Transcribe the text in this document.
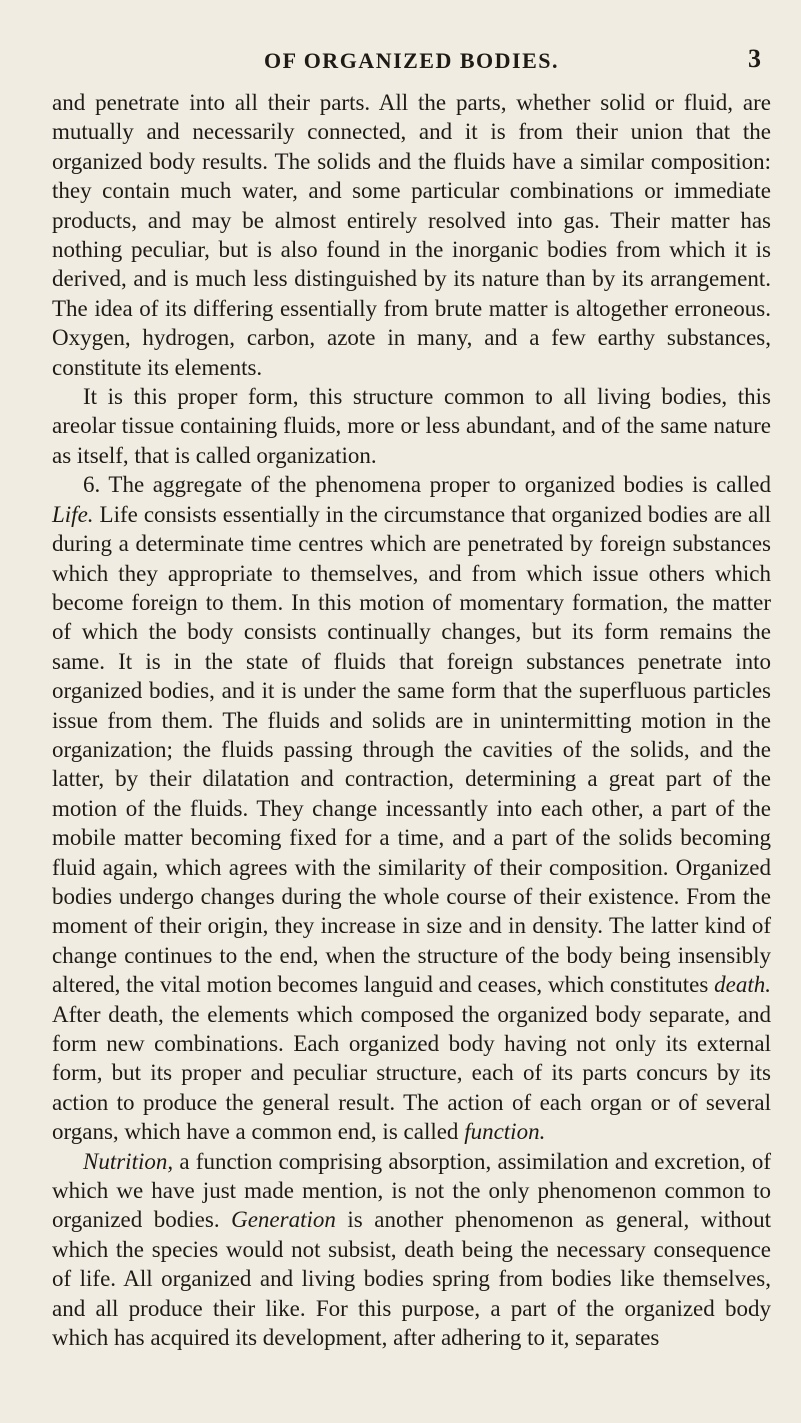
OF ORGANIZED BODIES.	3

and penetrate into all their parts. All the parts, whether solid or fluid, are mutually and necessarily connected, and it is from their union that the organized body results. The solids and the fluids have a similar composition: they contain much water, and some particular combinations or immediate products, and may be almost entirely resolved into gas. Their matter has nothing peculiar, but is also found in the inorganic bodies from which it is derived, and is much less distinguished by its nature than by its arrangement. The idea of its differing essentially from brute matter is altogether erroneous. Oxygen, hydrogen, carbon, azote in many, and a few earthy substances, constitute its elements.

It is this proper form, this structure common to all living bodies, this areolar tissue containing fluids, more or less abundant, and of the same nature as itself, that is called organization.

6. The aggregate of the phenomena proper to organized bodies is called Life. Life consists essentially in the circumstance that organized bodies are all during a determinate time centres which are penetrated by foreign substances which they appropriate to themselves, and from which issue others which become foreign to them. In this motion of momentary formation, the matter of which the body consists continually changes, but its form remains the same. It is in the state of fluids that foreign substances penetrate into organized bodies, and it is under the same form that the superfluous particles issue from them. The fluids and solids are in unintermitting motion in the organization; the fluids passing through the cavities of the solids, and the latter, by their dilatation and contraction, determining a great part of the motion of the fluids. They change incessantly into each other, a part of the mobile matter becoming fixed for a time, and a part of the solids becoming fluid again, which agrees with the similarity of their composition. Organized bodies undergo changes during the whole course of their existence. From the moment of their origin, they increase in size and in density. The latter kind of change continues to the end, when the structure of the body being insensibly altered, the vital motion becomes languid and ceases, which constitutes death. After death, the elements which composed the organized body separate, and form new combinations. Each organized body having not only its external form, but its proper and peculiar structure, each of its parts concurs by its action to produce the general result. The action of each organ or of several organs, which have a common end, is called function.

Nutrition, a function comprising absorption, assimilation and excretion, of which we have just made mention, is not the only phenomenon common to organized bodies. Generation is another phenomenon as general, without which the species would not subsist, death being the necessary consequence of life. All organized and living bodies spring from bodies like themselves, and all produce their like. For this purpose, a part of the organized body which has acquired its development, after adhering to it, separates
